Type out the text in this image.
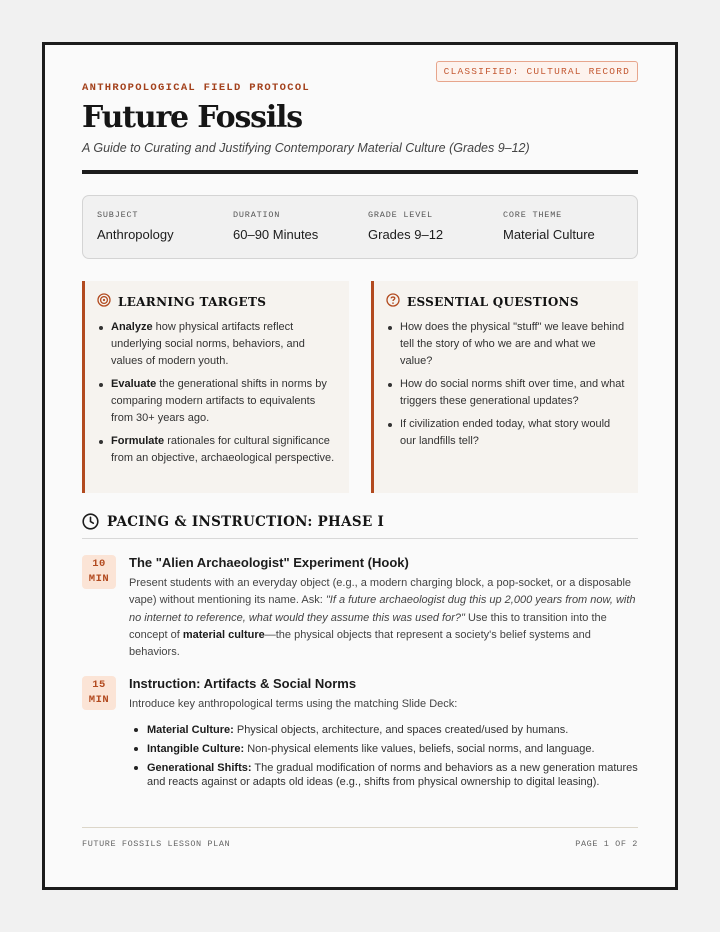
CLASSIFIED: CULTURAL RECORD
ANTHROPOLOGICAL FIELD PROTOCOL
Future Fossils
A Guide to Curating and Justifying Contemporary Material Culture (Grades 9–12)
SUBJECT
Anthropology
DURATION
60–90 Minutes
GRADE LEVEL
Grades 9–12
CORE THEME
Material Culture
LEARNING TARGETS
Analyze how physical artifacts reflect underlying social norms, behaviors, and values of modern youth.
Evaluate the generational shifts in norms by comparing modern artifacts to equivalents from 30+ years ago.
Formulate rationales for cultural significance from an objective, archaeological perspective.
ESSENTIAL QUESTIONS
How does the physical "stuff" we leave behind tell the story of who we are and what we value?
How do social norms shift over time, and what triggers these generational updates?
If civilization ended today, what story would our landfills tell?
PACING & INSTRUCTION: PHASE I
10
MIN
The "Alien Archaeologist" Experiment (Hook)
Present students with an everyday object (e.g., a modern charging block, a pop-socket, or a disposable vape) without mentioning its name. Ask: "If a future archaeologist dug this up 2,000 years from now, with no internet to reference, what would they assume this was used for?" Use this to transition into the concept of material culture—the physical objects that represent a society's belief systems and behaviors.
15
MIN
Instruction: Artifacts & Social Norms
Introduce key anthropological terms using the matching Slide Deck:
Material Culture: Physical objects, architecture, and spaces created/used by humans.
Intangible Culture: Non-physical elements like values, beliefs, social norms, and language.
Generational Shifts: The gradual modification of norms and behaviors as a new generation matures and reacts against or adapts old ideas (e.g., shifts from physical ownership to digital leasing).
FUTURE FOSSILS LESSON PLAN	PAGE 1 OF 2
